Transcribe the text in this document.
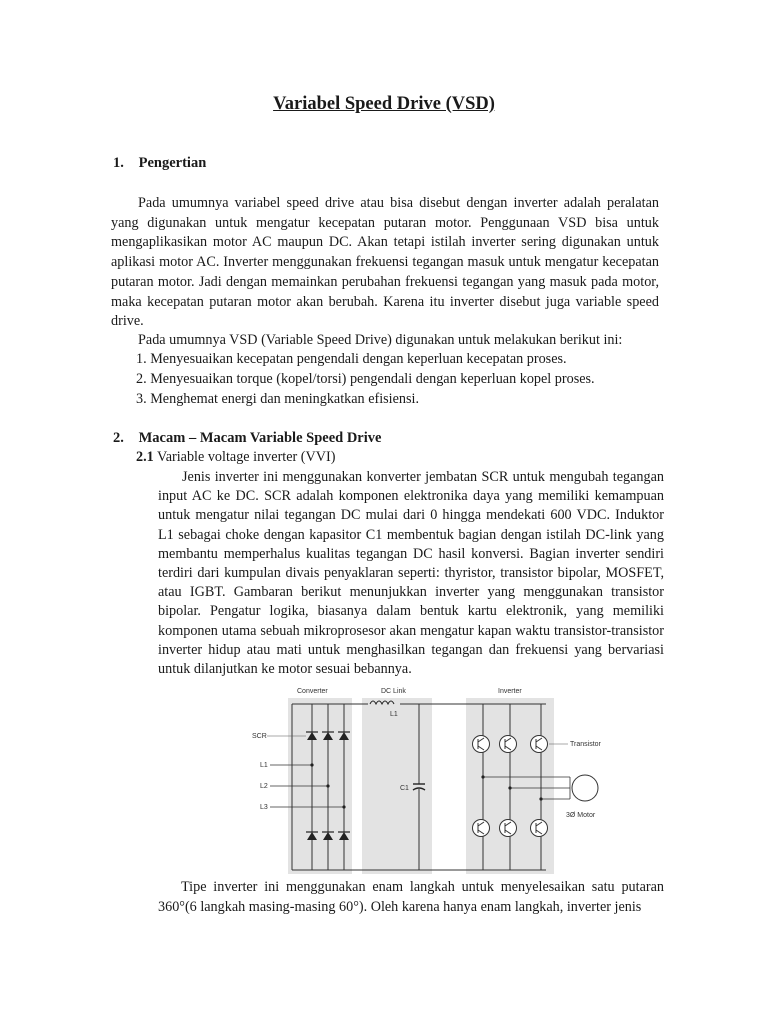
Variabel Speed Drive (VSD)
1. Pengertian
Pada umumnya variabel speed drive atau bisa disebut dengan inverter adalah peralatan yang digunakan untuk mengatur kecepatan putaran motor. Penggunaan VSD bisa untuk mengaplikasikan motor AC maupun DC. Akan tetapi istilah inverter sering digunakan untuk aplikasi motor AC. Inverter menggunakan frekuensi tegangan masuk untuk mengatur kecepatan putaran motor. Jadi dengan memainkan perubahan frekuensi tegangan yang masuk pada motor, maka kecepatan putaran motor akan berubah. Karena itu inverter disebut juga variable speed drive.
Pada umumnya VSD (Variable Speed Drive) digunakan untuk melakukan berikut ini:
1. Menyesuaikan kecepatan pengendali dengan keperluan kecepatan proses.
2. Menyesuaikan torque (kopel/torsi) pengendali dengan keperluan kopel proses.
3. Menghemat energi dan meningkatkan efisiensi.
2. Macam – Macam Variable Speed Drive
2.1 Variable voltage inverter (VVI)
Jenis inverter ini menggunakan konverter jembatan SCR untuk mengubah tegangan input AC ke DC. SCR adalah komponen elektronika daya yang memiliki kemampuan untuk mengatur nilai tegangan DC mulai dari 0 hingga mendekati 600 VDC. Induktor L1 sebagai choke dengan kapasitor C1 membentuk bagian dengan istilah DC-link yang membantu memperhalus kualitas tegangan DC hasil konversi. Bagian inverter sendiri terdiri dari kumpulan divais penyaklaran seperti: thyristor, transistor bipolar, MOSFET, atau IGBT. Gambaran berikut menunjukkan inverter yang menggunakan transistor bipolar. Pengatur logika, biasanya dalam bentuk kartu elektronik, yang memiliki komponen utama sebuah mikroprosesor akan mengatur kapan waktu transistor-transistor inverter hidup atau mati untuk menghasilkan tegangan dan frekuensi yang bervariasi untuk dilanjutkan ke motor sesuai bebannya.
Converter	DC Link	Inverter
SCR
L1
L2
L3
L1
C1
Transistor
3Ø Motor
Tipe inverter ini menggunakan enam langkah untuk menyelesaikan satu putaran 360°(6 langkah masing-masing 60°). Oleh karena hanya enam langkah, inverter jenis
